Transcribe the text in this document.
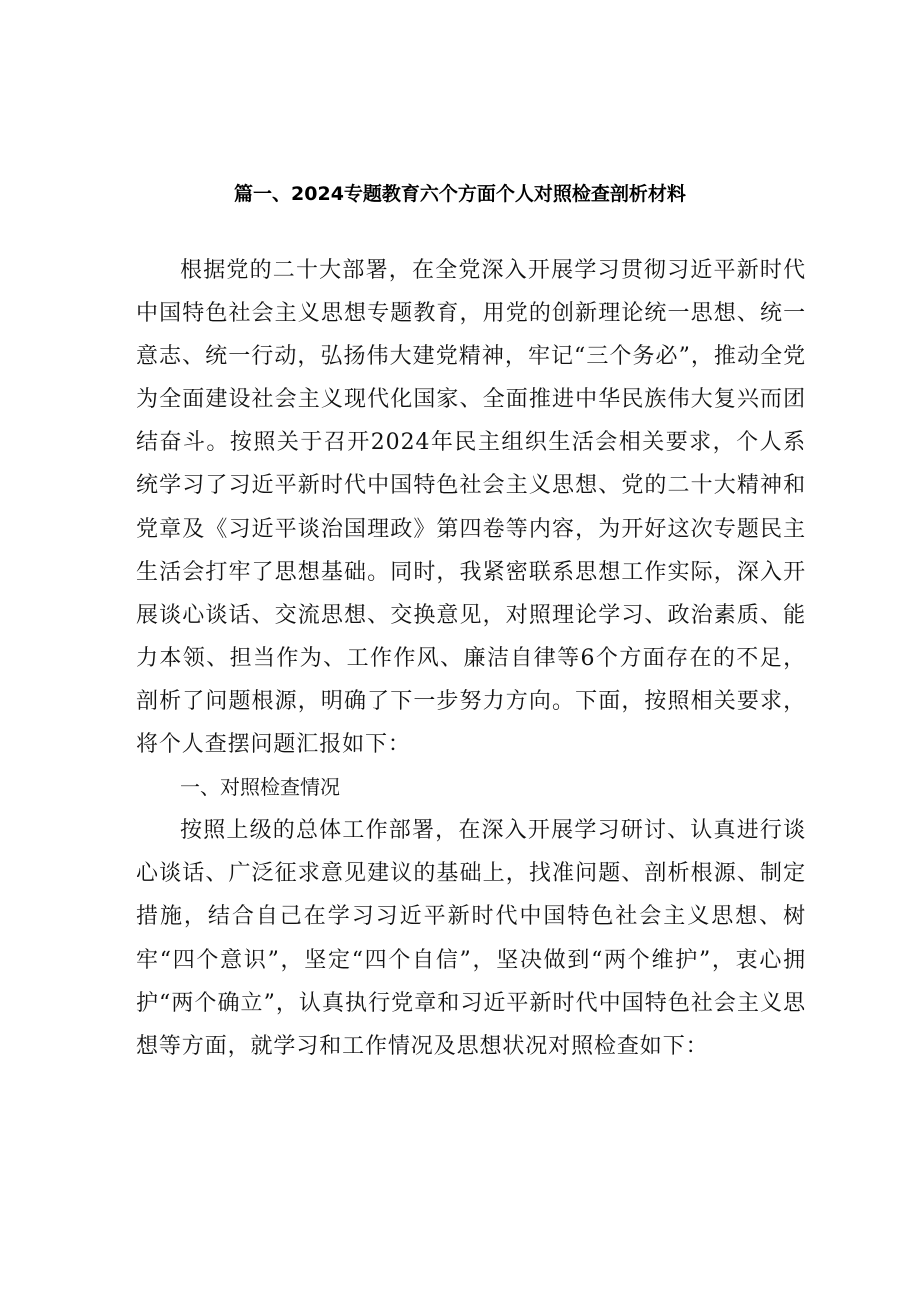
篇一、2024专题教育六个方面个人对照检查剖析材料

根据党的二十大部署，在全党深入开展学习贯彻习近平新时代中国特色社会主义思想专题教育，用党的创新理论统一思想、统一意志、统一行动，弘扬伟大建党精神，牢记“三个务必”，推动全党为全面建设社会主义现代化国家、全面推进中华民族伟大复兴而团结奋斗。按照关于召开2024年民主组织生活会相关要求，个人系统学习了习近平新时代中国特色社会主义思想、党的二十大精神和党章及《习近平谈治国理政》第四卷等内容，为开好这次专题民主生活会打牢了思想基础。同时，我紧密联系思想工作实际，深入开展谈心谈话、交流思想、交换意见，对照理论学习、政治素质、能力本领、担当作为、工作作风、廉洁自律等6个方面存在的不足，剖析了问题根源，明确了下一步努力方向。下面，按照相关要求，将个人查摆问题汇报如下：

一、对照检查情况

按照上级的总体工作部署，在深入开展学习研讨、认真进行谈心谈话、广泛征求意见建议的基础上，找准问题、剖析根源、制定措施，结合自己在学习习近平新时代中国特色社会主义思想、树牢“四个意识”，坚定“四个自信”，坚决做到“两个维护”，衷心拥护“两个确立”，认真执行党章和习近平新时代中国特色社会主义思想等方面，就学习和工作情况及思想状况对照检查如下：
